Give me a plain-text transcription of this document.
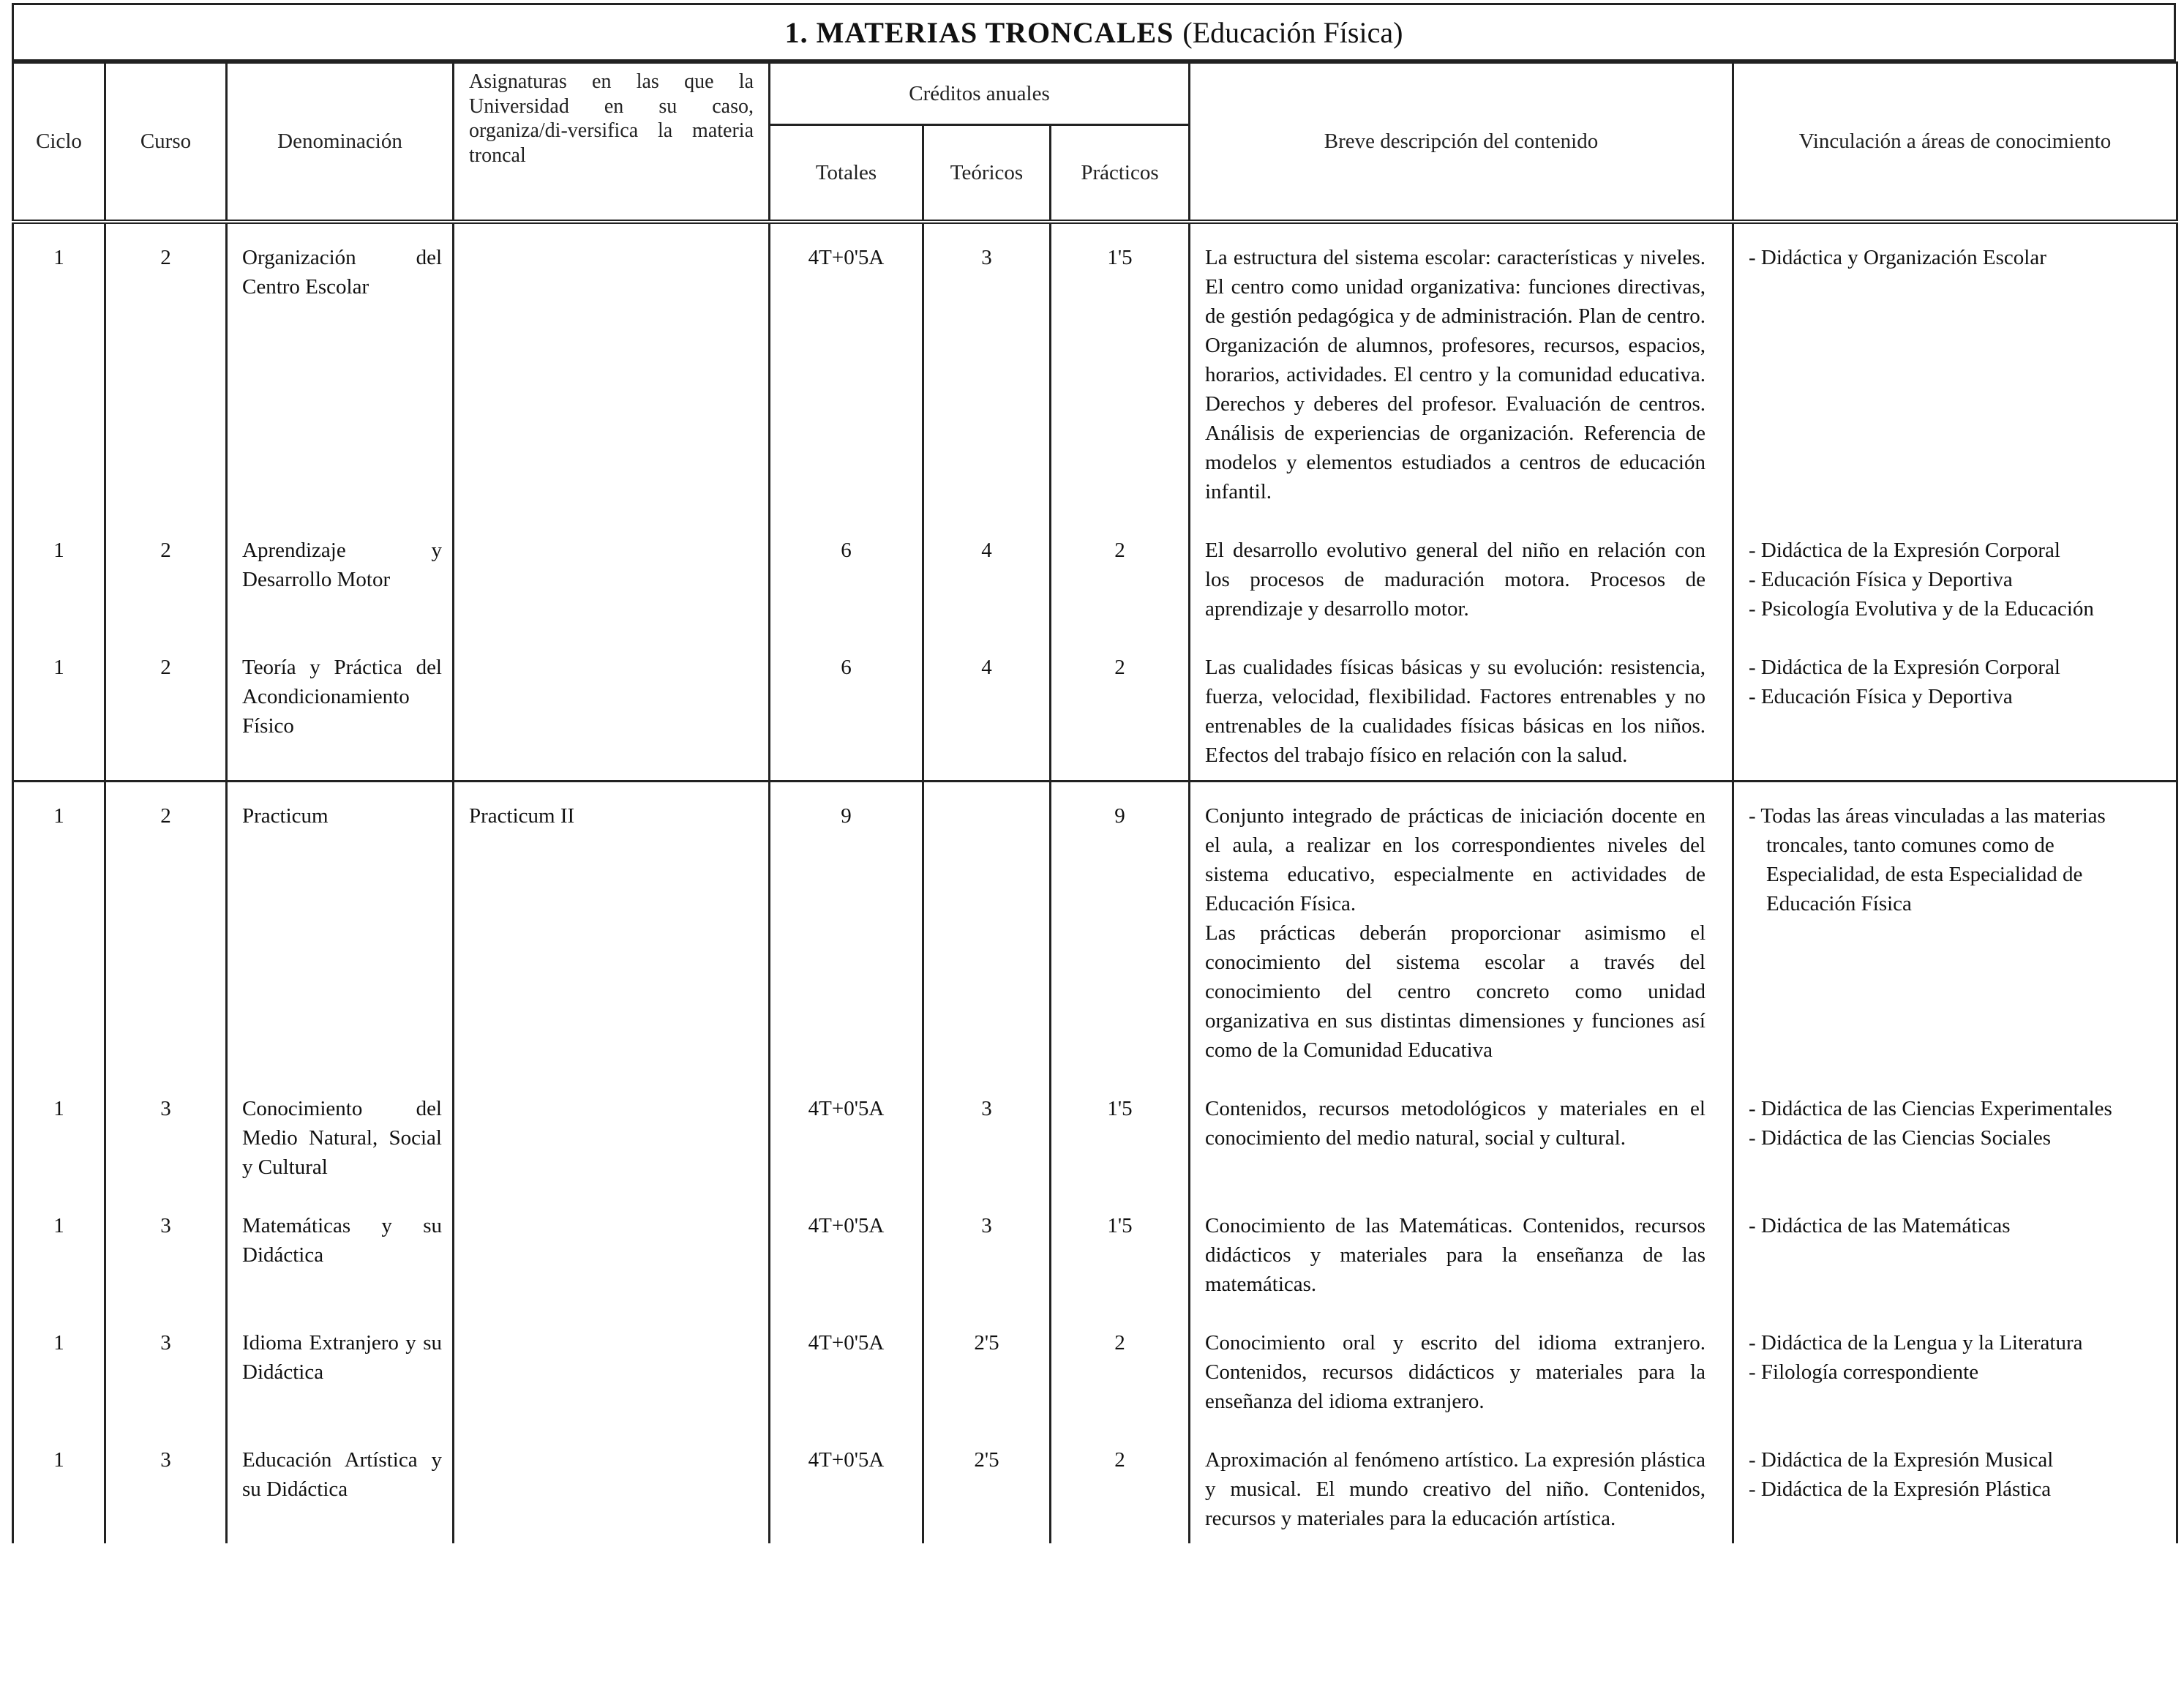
1. MATERIAS TRONCALES (Educación Física)
Ciclo	Curso	Denominación	Asignaturas en las que la Universidad en su caso, organiza/di-versifica la materia troncal	Créditos anuales			Breve descripción del contenido	Vinculación a áreas de conocimiento
				Totales	Teóricos	Prácticos		
1	2	Organización del Centro Escolar		4T+0'5A	3	1'5	La estructura del sistema escolar: características y niveles. El centro como unidad organizativa: funciones directivas, de gestión pedagógica y de administración. Plan de centro. Organización de alumnos, profesores, recursos, espacios, horarios, actividades. El centro y la comunidad educativa. Derechos y deberes del profesor. Evaluación de centros. Análisis de experiencias de organización. Referencia de modelos y elementos estudiados a centros de educación infantil.	- Didáctica y Organización Escolar

1	2	Aprendizaje y Desarrollo Motor		6	4	2	El desarrollo evolutivo general del niño en relación con los procesos de maduración motora. Procesos de aprendizaje y desarrollo motor.	- Didáctica de la Expresión Corporal
- Educación Física y Deportiva
- Psicología Evolutiva y de la Educación

1	2	Teoría y Práctica del Acondicionamiento Físico		6	4	2	Las cualidades físicas básicas y su evolución: resistencia, fuerza, velocidad, flexibilidad. Factores entrenables y no entrenables de la cualidades físicas básicas en los niños. Efectos del trabajo físico en relación con la salud.	- Didáctica de la Expresión Corporal
- Educación Física y Deportiva

1	2	Practicum	Practicum II	9		9	Conjunto integrado de prácticas de iniciación docente en el aula, a realizar en los correspondientes niveles del sistema educativo, especialmente en actividades de Educación Física.
Las prácticas deberán proporcionar asimismo el conocimiento del sistema escolar a través del conocimiento del centro concreto como unidad organizativa en sus distintas dimensiones y funciones así como de la Comunidad Educativa	- Todas las áreas vinculadas a las materias troncales, tanto comunes como de Especialidad, de esta Especialidad de Educación Física

1	3	Conocimiento del Medio Natural, Social y Cultural		4T+0'5A	3	1'5	Contenidos, recursos metodológicos y materiales en el conocimiento del medio natural, social y cultural.	- Didáctica de las Ciencias Experimentales
- Didáctica de las Ciencias Sociales

1	3	Matemáticas y su Didáctica		4T+0'5A	3	1'5	Conocimiento de las Matemáticas. Contenidos, recursos didácticos y materiales para la enseñanza de las matemáticas.	- Didáctica de las Matemáticas

1	3	Idioma Extranjero y su Didáctica		4T+0'5A	2'5	2	Conocimiento oral y escrito del idioma extranjero. Contenidos, recursos didácticos y materiales para la enseñanza del idioma extranjero.	- Didáctica de la Lengua y la Literatura
- Filología correspondiente

1	3	Educación Artística y su Didáctica		4T+0'5A	2'5	2	Aproximación al fenómeno artístico. La expresión plástica y musical. El mundo creativo del niño. Contenidos, recursos y materiales para la educación artística.	- Didáctica de la Expresión Musical
- Didáctica de la Expresión Plástica
